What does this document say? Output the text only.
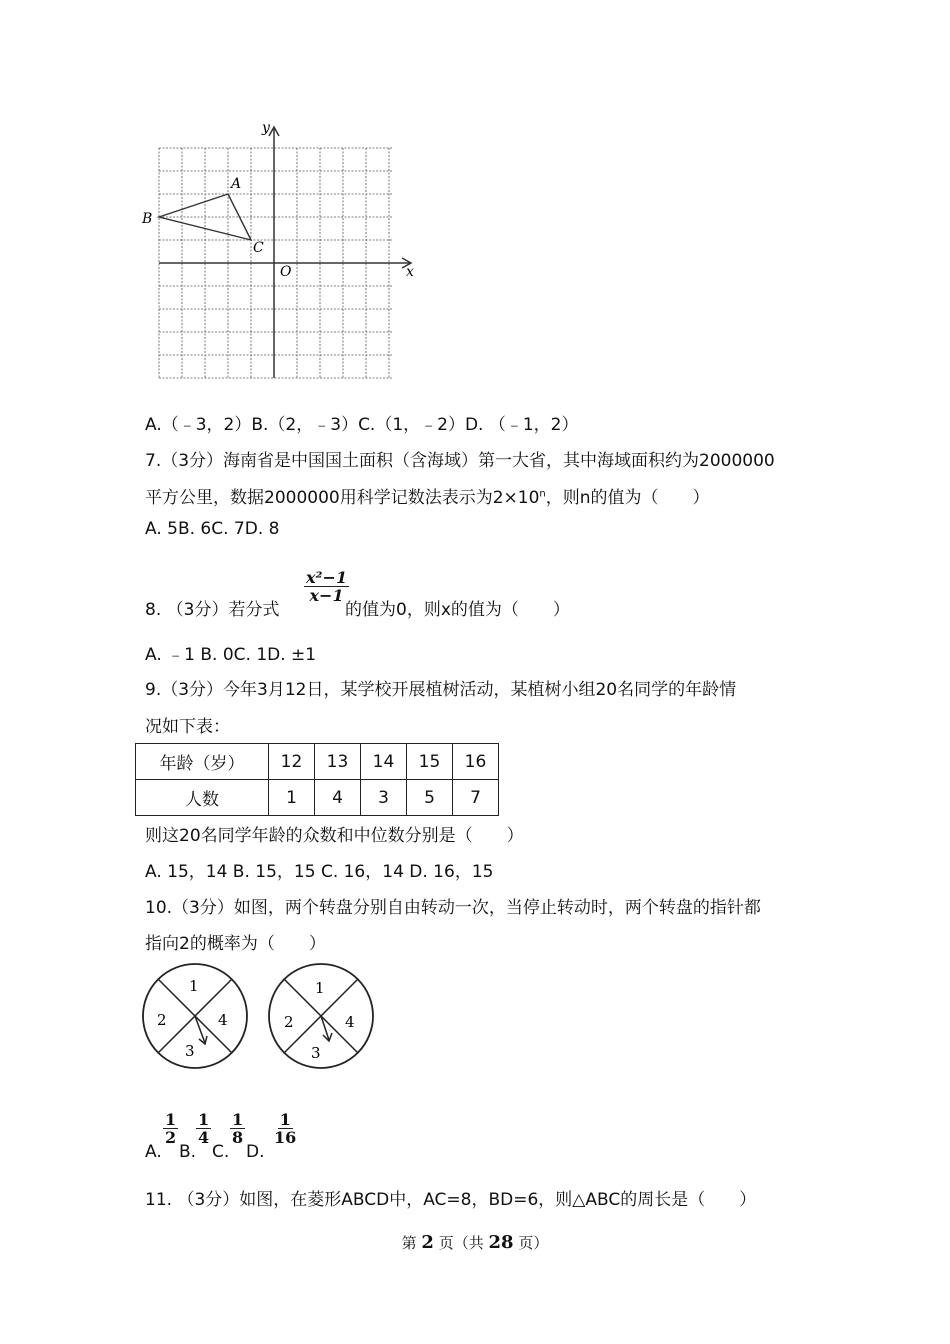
y
x
O
A
B
C
A.（﹣3，2）B.（2，﹣3）C.（1，﹣2）D. （﹣1，2）
7.（3分）海南省是中国国土面积（含海域）第一大省，其中海域面积约为2000000
平方公里，数据2000000用科学记数法表示为$2\times 10^n$，则n的值为（　　）
A. 5B. 6C. 7D. 8
8. （3分）若分式
$\frac{\text{x²−1}}{x-1}$
的值为0，则x的值为（　　）
A. ﹣1 B. 0C. 1D. ±1
9.（3分）今年3月12日，某学校开展植树活动，某植树小组20名同学的年龄情
况如下表：
年龄（岁）	12	13	14	15	16
人数	1	4	3	5	7
则这20名同学年龄的众数和中位数分别是（　　）
A. 15，14 B. 15，15 C. 16，14 D. 16，15
10.（3分）如图，两个转盘分别自由转动一次，当停止转动时，两个转盘的指针都
指向2的概率为（　　）
1
2
3
4
1
2
3
4
A.
$\frac{1}{2}$
B.
$\frac{1}{4}$
C.
$\frac{1}{8}$
D.
$\frac{1}{16}$
11. （3分）如图，在菱形ABCD中，AC=8，BD=6，则△ABC的周长是（　　）
第 2 页（共 28 页）
